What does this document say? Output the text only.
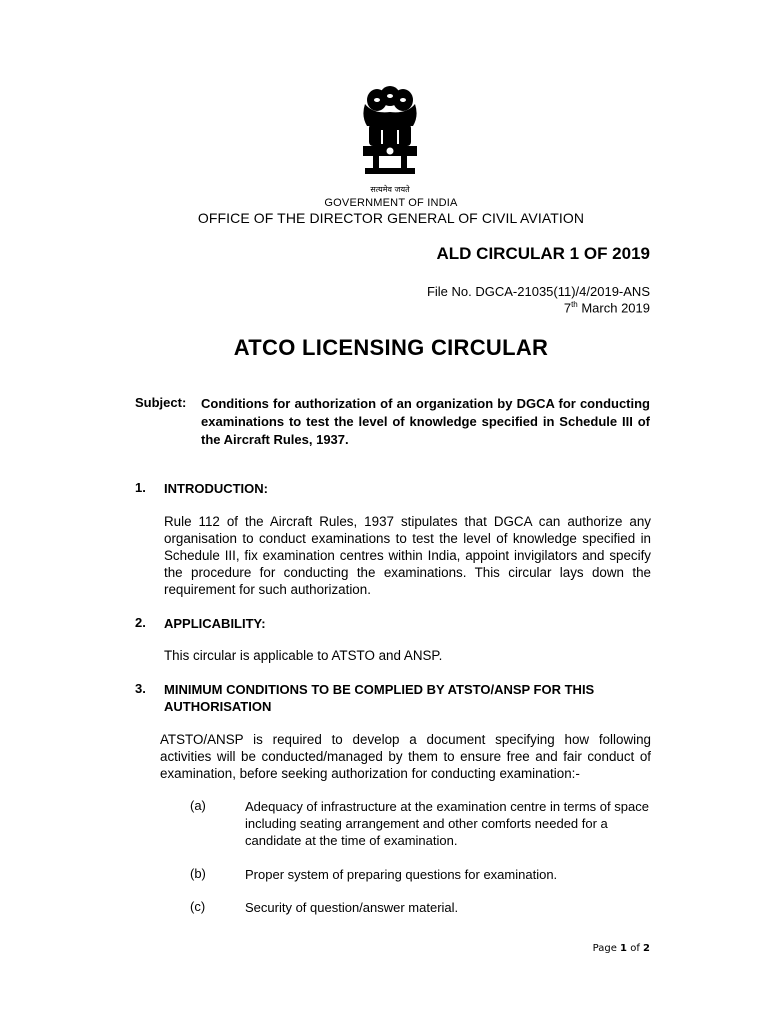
सत्यमेव जयते
GOVERNMENT OF INDIA
OFFICE OF THE DIRECTOR GENERAL OF CIVIL AVIATION
ALD CIRCULAR 1 OF 2019
File No. DGCA-21035(11)/4/2019-ANS
7th March 2019
ATCO LICENSING CIRCULAR
Subject: Conditions for authorization of an organization by DGCA for conducting examinations to test the level of knowledge specified in Schedule III of the Aircraft Rules, 1937.
1. INTRODUCTION:
Rule 112 of the Aircraft Rules, 1937 stipulates that DGCA can authorize any organisation to conduct examinations to test the level of knowledge specified in Schedule III, fix examination centres within India, appoint invigilators and specify the procedure for conducting the examinations. This circular lays down the requirement for such authorization.
2. APPLICABILITY:
This circular is applicable to ATSTO and ANSP.
3. MINIMUM CONDITIONS TO BE COMPLIED BY ATSTO/ANSP FOR THIS AUTHORISATION
ATSTO/ANSP is required to develop a document specifying how following activities will be conducted/managed by them to ensure free and fair conduct of examination, before seeking authorization for conducting examination:-
(a)	Adequacy of infrastructure at the examination centre in terms of space including seating arrangement and other comforts needed for a candidate at the time of examination.
(b)	Proper system of preparing questions for examination.
(c)	Security of question/answer material.
Page 1 of 2
